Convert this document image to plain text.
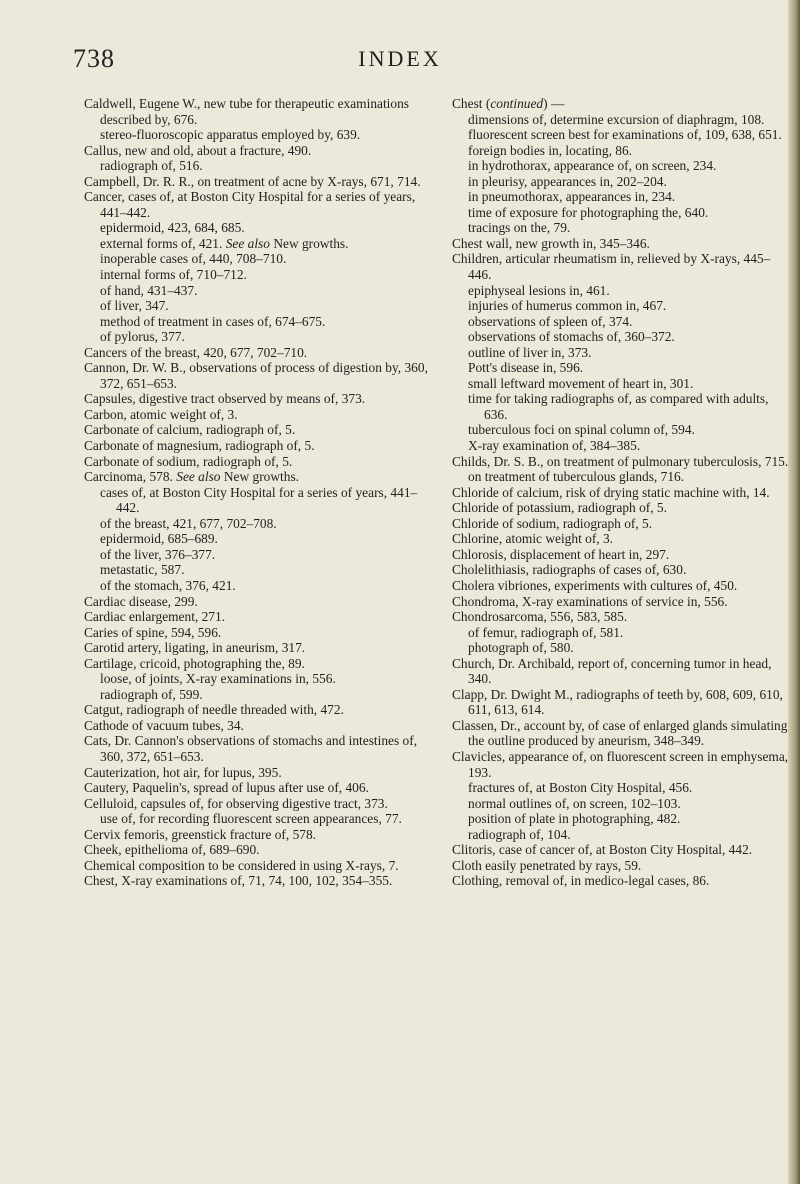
738	INDEX
Caldwell, Eugene W., new tube for therapeutic examinations described by, 676.
stereo-fluoroscopic apparatus employed by, 639.
Callus, new and old, about a fracture, 490.
radiograph of, 516.
Campbell, Dr. R. R., on treatment of acne by X-rays, 671, 714.
Cancer, cases of, at Boston City Hospital for a series of years, 441–442.
epidermoid, 423, 684, 685.
external forms of, 421. See also New growths.
inoperable cases of, 440, 708–710.
internal forms of, 710–712.
of hand, 431–437.
of liver, 347.
method of treatment in cases of, 674–675.
of pylorus, 377.
Cancers of the breast, 420, 677, 702–710.
Cannon, Dr. W. B., observations of process of digestion by, 360, 372, 651–653.
Capsules, digestive tract observed by means of, 373.
Carbon, atomic weight of, 3.
Carbonate of calcium, radiograph of, 5.
Carbonate of magnesium, radiograph of, 5.
Carbonate of sodium, radiograph of, 5.
Carcinoma, 578. See also New growths.
cases of, at Boston City Hospital for a series of years, 441–442.
of the breast, 421, 677, 702–708.
epidermoid, 685–689.
of the liver, 376–377.
metastatic, 587.
of the stomach, 376, 421.
Cardiac disease, 299.
Cardiac enlargement, 271.
Caries of spine, 594, 596.
Carotid artery, ligating, in aneurism, 317.
Cartilage, cricoid, photographing the, 89.
loose, of joints, X-ray examinations in, 556.
radiograph of, 599.
Catgut, radiograph of needle threaded with, 472.
Cathode of vacuum tubes, 34.
Cats, Dr. Cannon's observations of stomachs and intestines of, 360, 372, 651–653.
Cauterization, hot air, for lupus, 395.
Cautery, Paquelin's, spread of lupus after use of, 406.
Celluloid, capsules of, for observing digestive tract, 373.
use of, for recording fluorescent screen appearances, 77.
Cervix femoris, greenstick fracture of, 578.
Cheek, epithelioma of, 689–690.
Chemical composition to be considered in using X-rays, 7.
Chest, X-ray examinations of, 71, 74, 100, 102, 354–355.
Chest (continued) —
dimensions of, determine excursion of diaphragm, 108.
fluorescent screen best for examinations of, 109, 638, 651.
foreign bodies in, locating, 86.
in hydrothorax, appearance of, on screen, 234.
in pleurisy, appearances in, 202–204.
in pneumothorax, appearances in, 234.
time of exposure for photographing the, 640.
tracings on the, 79.
Chest wall, new growth in, 345–346.
Children, articular rheumatism in, relieved by X-rays, 445–446.
epiphyseal lesions in, 461.
injuries of humerus common in, 467.
observations of spleen of, 374.
observations of stomachs of, 360–372.
outline of liver in, 373.
Pott's disease in, 596.
small leftward movement of heart in, 301.
time for taking radiographs of, as compared with adults, 636.
tuberculous foci on spinal column of, 594.
X-ray examination of, 384–385.
Childs, Dr. S. B., on treatment of pulmonary tuberculosis, 715.
on treatment of tuberculous glands, 716.
Chloride of calcium, risk of drying static machine with, 14.
Chloride of potassium, radiograph of, 5.
Chloride of sodium, radiograph of, 5.
Chlorine, atomic weight of, 3.
Chlorosis, displacement of heart in, 297.
Cholelithiasis, radiographs of cases of, 630.
Cholera vibriones, experiments with cultures of, 450.
Chondroma, X-ray examinations of service in, 556.
Chondrosarcoma, 556, 583, 585.
of femur, radiograph of, 581.
photograph of, 580.
Church, Dr. Archibald, report of, concerning tumor in head, 340.
Clapp, Dr. Dwight M., radiographs of teeth by, 608, 609, 610, 611, 613, 614.
Classen, Dr., account by, of case of enlarged glands simulating the outline produced by aneurism, 348–349.
Clavicles, appearance of, on fluorescent screen in emphysema, 193.
fractures of, at Boston City Hospital, 456.
normal outlines of, on screen, 102–103.
position of plate in photographing, 482.
radiograph of, 104.
Clitoris, case of cancer of, at Boston City Hospital, 442.
Cloth easily penetrated by rays, 59.
Clothing, removal of, in medico-legal cases, 86.
